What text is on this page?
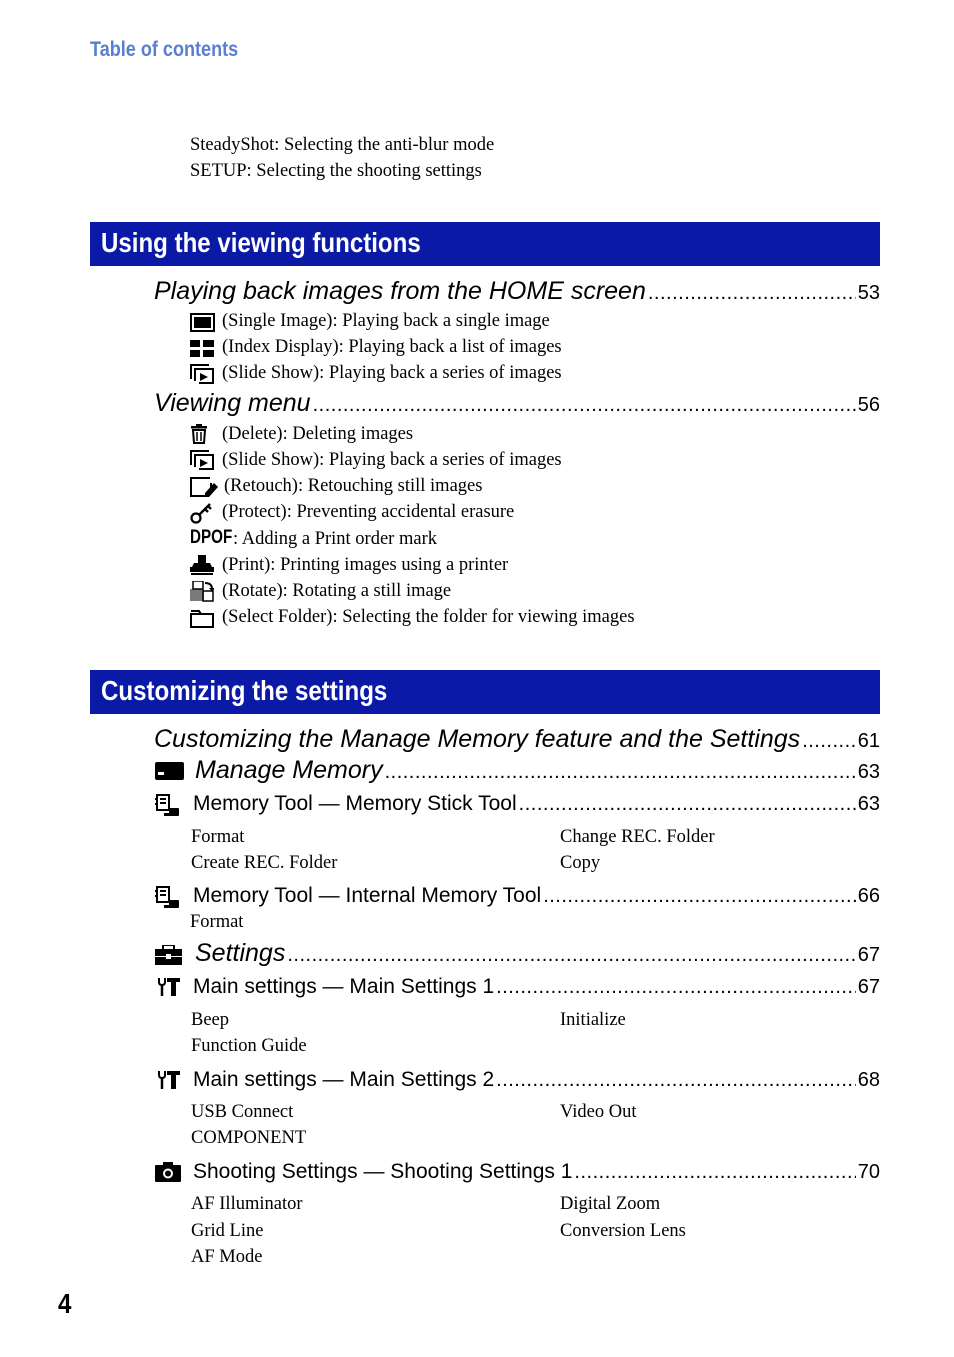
Table of contents
SteadyShot: Selecting the anti-blur mode
SETUP: Selecting the shooting settings
Using the viewing functions
Playing back images from the HOME screen .....	53
(Single Image): Playing back a single image
(Index Display): Playing back a list of images
(Slide Show): Playing back a series of images
Viewing menu .....	56
(Delete): Deleting images
(Slide Show): Playing back a series of images
(Retouch): Retouching still images
(Protect): Preventing accidental erasure
DPOF : Adding a Print order mark
(Print): Printing images using a printer
(Rotate): Rotating a still image
(Select Folder): Selecting the folder for viewing images
Customizing the settings
Customizing the Manage Memory feature and the Settings .....	61
Manage Memory .....	63
Memory Tool — Memory Stick Tool .....	63
Format	Change REC. Folder
Create REC. Folder	Copy
Memory Tool — Internal Memory Tool .....	66
Format
Settings .....	67
Main settings — Main Settings 1 .....	67
Beep	Initialize
Function Guide
Main settings — Main Settings 2 .....	68
USB Connect	Video Out
COMPONENT
Shooting Settings — Shooting Settings 1 .....	70
AF Illuminator	Digital Zoom
Grid Line	Conversion Lens
AF Mode
4
